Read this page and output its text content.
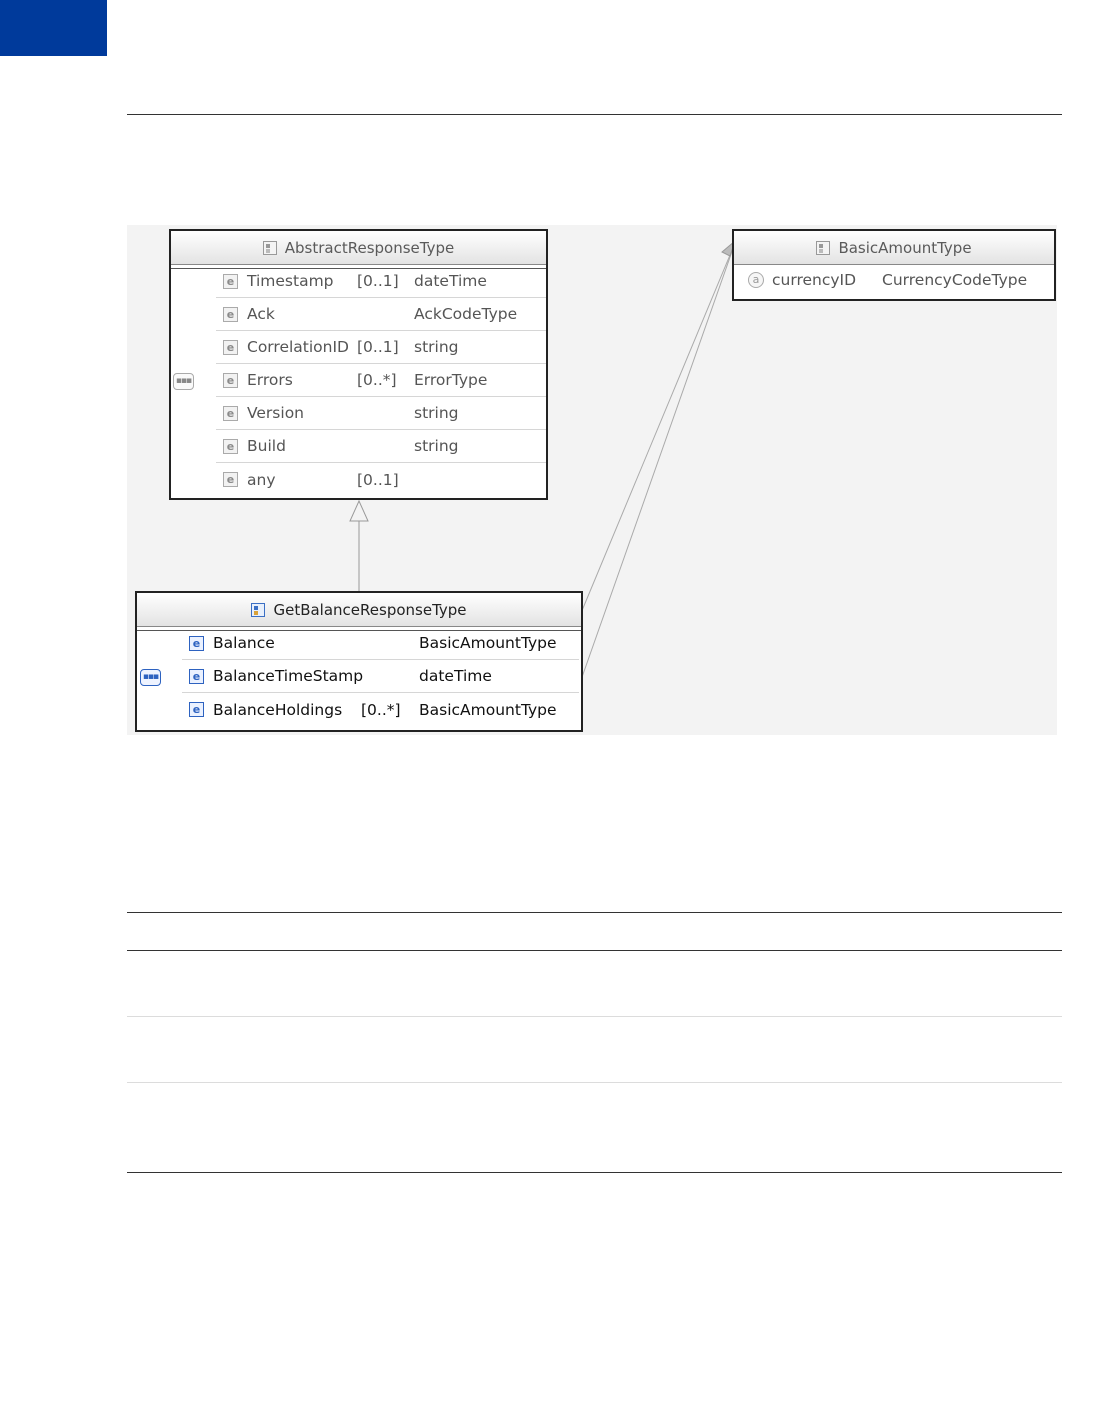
AbstractResponseType
▪▪▪
e Timestamp [0..1] dateTime
e Ack	AckCodeType
e CorrelationID [0..1] string
e Errors	[0..*] ErrorType
e Version	string
e Build	string
e any	[0..1]
BasicAmountType
a currencyID CurrencyCodeType
GetBalanceResponseType
▪▪▪
e Balance	BasicAmountType
e BalanceTimeStamp	dateTime
e BalanceHoldings [0..*] BasicAmountType
